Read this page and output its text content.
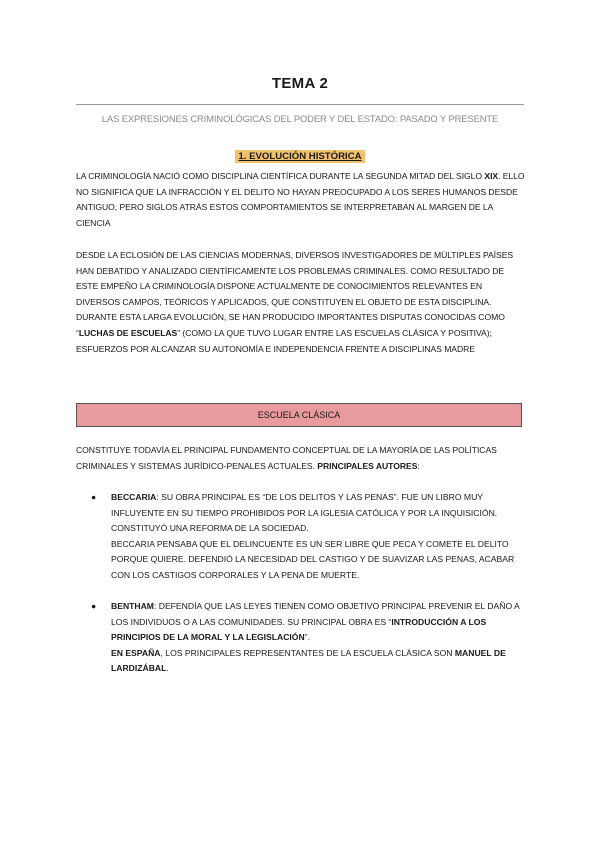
TEMA 2
LAS EXPRESIONES CRIMINOLÓGICAS DEL PODER Y DEL ESTADO: PASADO Y PRESENTE
1. EVOLUCIÓN HISTÓRICA
LA CRIMINOLOGÍA NACIÓ COMO DISCIPLINA CIENTÍFICA DURANTE LA SEGUNDA MITAD DEL SIGLO XIX. ELLO NO SIGNIFICA QUE LA INFRACCIÓN Y EL DELITO NO HAYAN PREOCUPADO A LOS SERES HUMANOS DESDE ANTIGUO, PERO SIGLOS ATRÁS ESTOS COMPORTAMIENTOS SE INTERPRETABAN AL MARGEN DE LA CIENCIA
DESDE LA ECLOSIÓN DE LAS CIENCIAS MODERNAS, DIVERSOS INVESTIGADORES DE MÚLTIPLES PAÍSES HAN DEBATIDO Y ANALIZADO CIENTÍFICAMENTE LOS PROBLEMAS CRIMINALES. COMO RESULTADO DE ESTE EMPEÑO LA CRIMINOLOGÍA DISPONE ACTUALMENTE DE CONOCIMIENTOS RELEVANTES EN DIVERSOS CAMPOS, TEÓRICOS Y APLICADOS, QUE CONSTITUYEN EL OBJETO DE ESTA DISCIPLINA. DURANTE ESTA LARGA EVOLUCIÓN, SE HAN PRODUCIDO IMPORTANTES DISPUTAS CONOCIDAS COMO “LUCHAS DE ESCUELAS” (COMO LA QUE TUVO LUGAR ENTRE LAS ESCUELAS CLÁSICA Y POSITIVA); ESFUERZOS POR ALCANZAR SU AUTONOMÍA E INDEPENDENCIA FRENTE A DISCIPLINAS MADRE
ESCUELA CLÁSICA
CONSTITUYE TODAVÍA EL PRINCIPAL FUNDAMENTO CONCEPTUAL DE LA MAYORÍA DE LAS POLÍTICAS CRIMINALES Y SISTEMAS JURÍDICO-PENALES ACTUALES. PRINCIPALES AUTORES:
●	BECCARIA: SU OBRA PRINCIPAL ES “DE LOS DELITOS Y LAS PENAS”. FUE UN LIBRO MUY INFLUYENTE EN SU TIEMPO PROHIBIDOS POR LA IGLESIA CATÓLICA Y POR LA INQUISICIÓN. CONSTITUYÓ UNA REFORMA DE LA SOCIEDAD.
BECCARIA PENSABA QUE EL DELINCUENTE ES UN SER LIBRE QUE PECA Y COMETE EL DELITO PORQUE QUIERE. DEFENDIÓ LA NECESIDAD DEL CASTIGO Y DE SUAVIZAR LAS PENAS, ACABAR CON LOS CASTIGOS CORPORALES Y LA PENA DE MUERTE.
●	BENTHAM: DEFENDÍA QUE LAS LEYES TIENEN COMO OBJETIVO PRINCIPAL PREVENIR EL DAÑO A LOS INDIVIDUOS O A LAS COMUNIDADES. SU PRINCIPAL OBRA ES “INTRODUCCIÓN A LOS PRINCIPIOS DE LA MORAL Y LA LEGISLACIÓN”.
EN ESPAÑA, LOS PRINCIPALES REPRESENTANTES DE LA ESCUELA CLÁSICA SON MANUEL DE LARDIZÁBAL.
